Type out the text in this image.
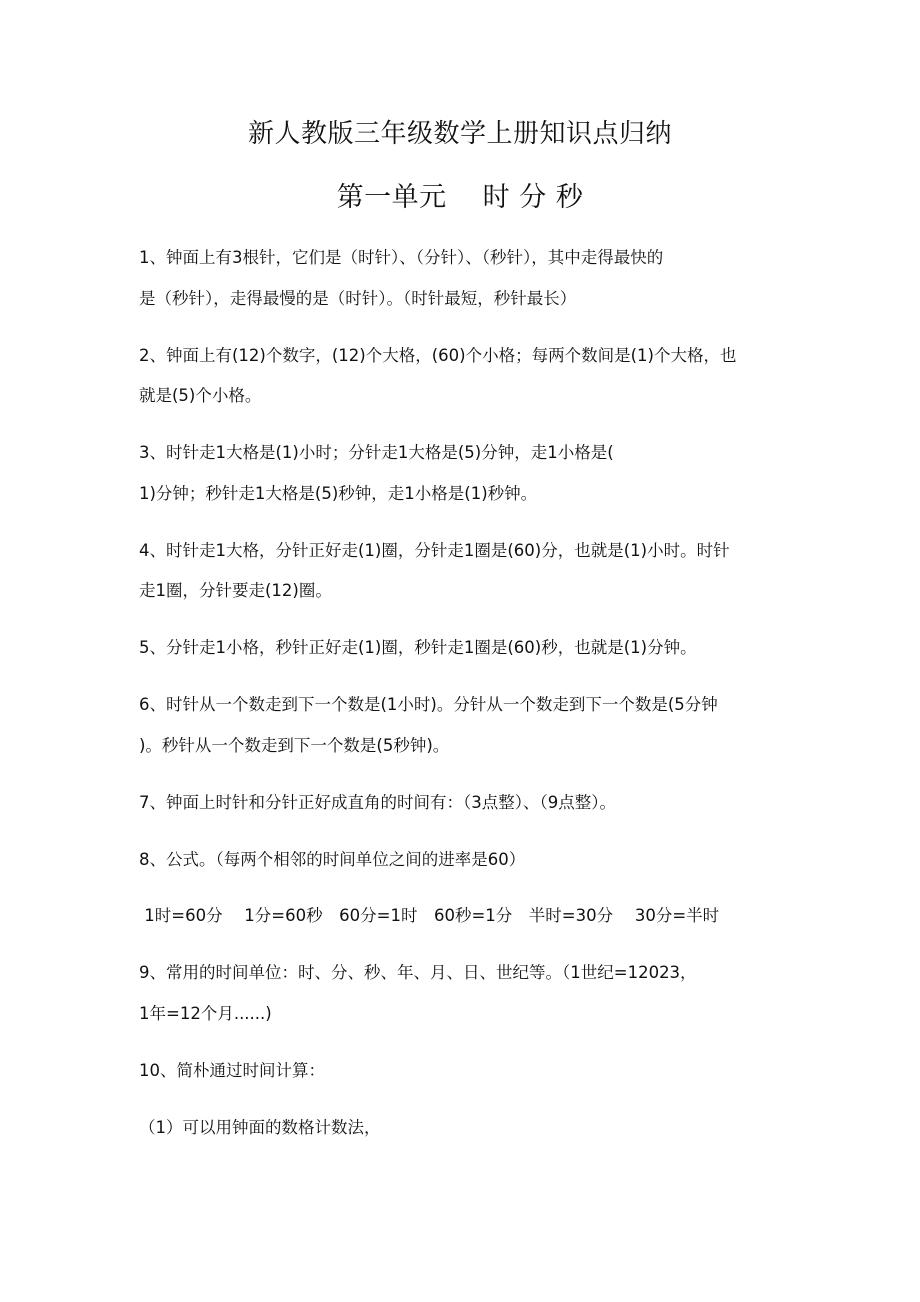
新人教版三年级数学上册知识点归纳
第一单元 时 分 秒
1、钟面上有3根针，它们是（时针）、（分针）、（秒针），其中走得最快的
是（秒针），走得最慢的是（时针）。（时针最短，秒针最长）
2、钟面上有(12)个数字，(12)个大格，(60)个小格；每两个数间是(1)个大格，也
就是(5)个小格。
3、时针走1大格是(1)小时；分针走1大格是(5)分钟，走1小格是(
1)分钟；秒针走1大格是(5)秒钟，走1小格是(1)秒钟。
4、时针走1大格，分针正好走(1)圈，分针走1圈是(60)分，也就是(1)小时。时针
走1圈，分针要走(12)圈。
5、分针走1小格，秒针正好走(1)圈，秒针走1圈是(60)秒，也就是(1)分钟。
6、时针从一个数走到下一个数是(1小时)。分针从一个数走到下一个数是(5分钟
)。秒针从一个数走到下一个数是(5秒钟)。
7、钟面上时针和分针正好成直角的时间有：（3点整）、（9点整）。
8、公式。（每两个相邻的时间单位之间的进率是60）
1时=60分　 1分=60秒　60分=1时　60秒=1分　半时=30分　 30分=半时
9、常用的时间单位：时、分、秒、年、月、日、世纪等。（1世纪=12023，
1年=12个月......)
10、简朴通过时间计算：
（1）可以用钟面的数格计数法，
